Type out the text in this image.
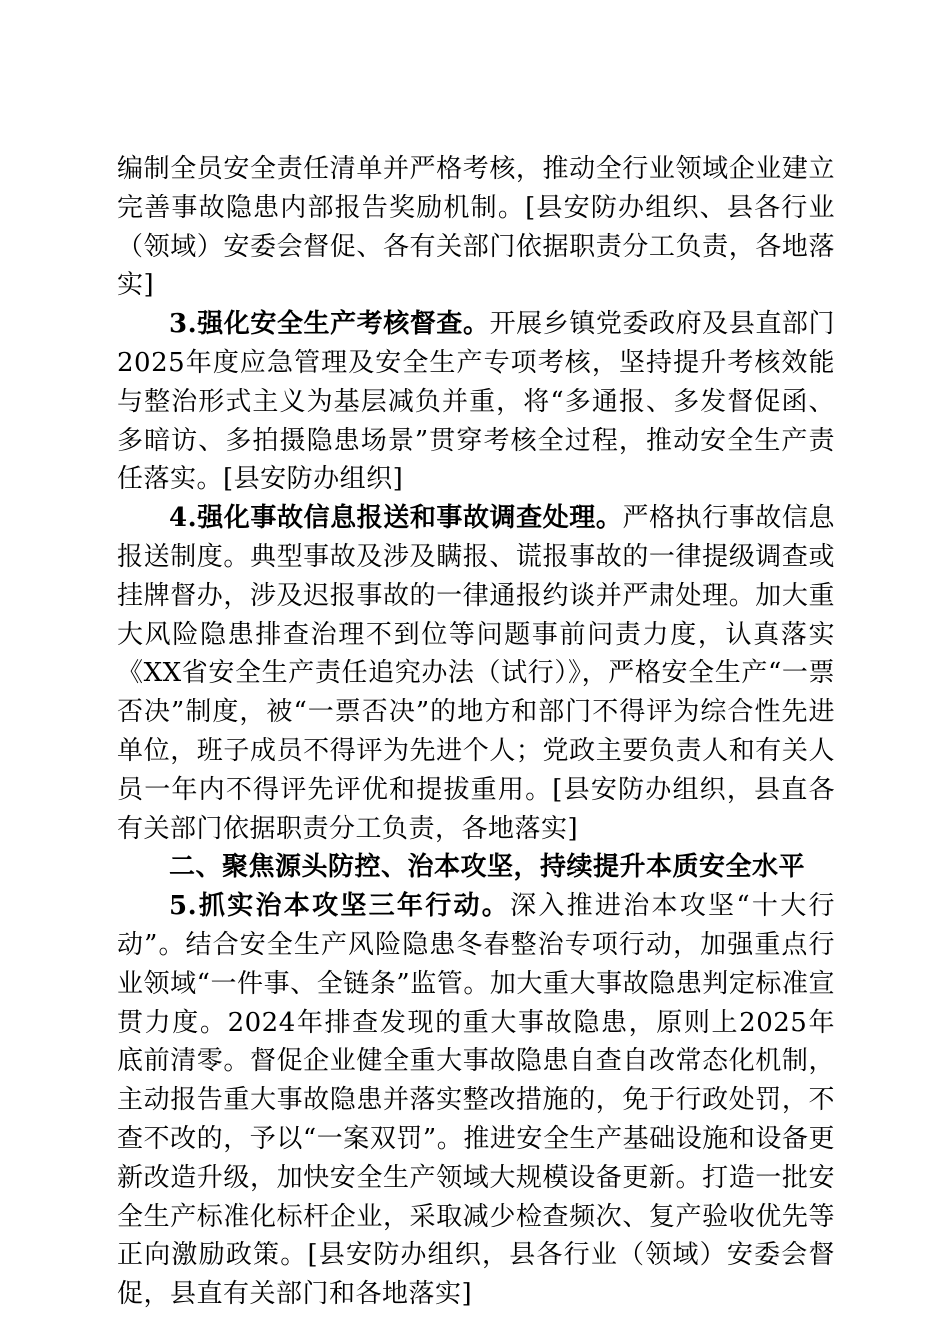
编制全员安全责任清单并严格考核，推动全行业领域企业建立完善事故隐患内部报告奖励机制。[县安防办组织、县各行业（领域）安委会督促、各有关部门依据职责分工负责，各地落实]

3.强化安全生产考核督查。开展乡镇党委政府及县直部门2025年度应急管理及安全生产专项考核，坚持提升考核效能与整治形式主义为基层减负并重，将“多通报、多发督促函、多暗访、多拍摄隐患场景”贯穿考核全过程，推动安全生产责任落实。[县安防办组织]

4.强化事故信息报送和事故调查处理。严格执行事故信息报送制度。典型事故及涉及瞒报、谎报事故的一律提级调查或挂牌督办，涉及迟报事故的一律通报约谈并严肃处理。加大重大风险隐患排查治理不到位等问题事前问责力度，认真落实《XX省安全生产责任追究办法（试行）》，严格安全生产“一票否决”制度，被“一票否决”的地方和部门不得评为综合性先进单位，班子成员不得评为先进个人；党政主要负责人和有关人员一年内不得评先评优和提拔重用。[县安防办组织，县直各有关部门依据职责分工负责，各地落实]

二、聚焦源头防控、治本攻坚，持续提升本质安全水平

5.抓实治本攻坚三年行动。深入推进治本攻坚“十大行动”。结合安全生产风险隐患冬春整治专项行动，加强重点行业领域“一件事、全链条”监管。加大重大事故隐患判定标准宣贯力度。2024年排查发现的重大事故隐患，原则上2025年底前清零。督促企业健全重大事故隐患自查自改常态化机制，主动报告重大事故隐患并落实整改措施的，免于行政处罚，不查不改的，予以“一案双罚”。推进安全生产基础设施和设备更新改造升级，加快安全生产领域大规模设备更新。打造一批安全生产标准化标杆企业，采取减少检查频次、复产验收优先等正向激励政策。[县安防办组织，县各行业（领域）安委会督促，县直有关部门和各地落实]
